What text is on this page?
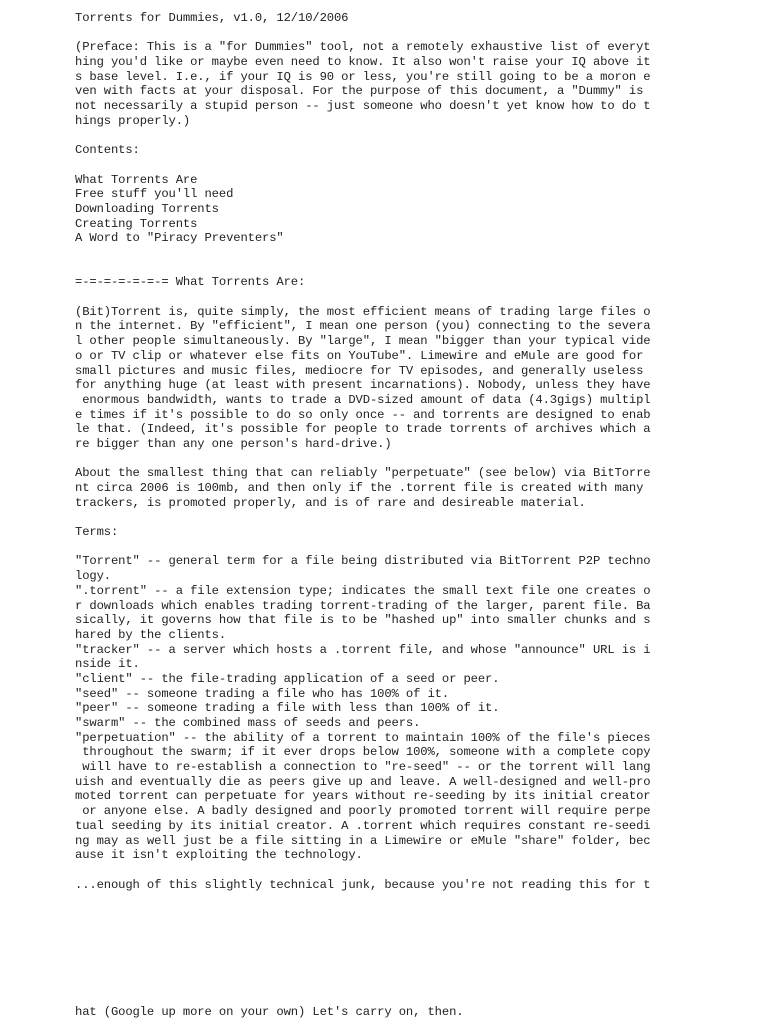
Torrents for Dummies, v1.0, 12/10/2006
(Preface: This is a "for Dummies" tool, not a remotely exhaustive list of everyt
hing you'd like or maybe even need to know. It also won't raise your IQ above it
s base level. I.e., if your IQ is 90 or less, you're still going to be a moron e
ven with facts at your disposal. For the purpose of this document, a "Dummy" is
not necessarily a stupid person -- just someone who doesn't yet know how to do t
hings properly.)
Contents:
What Torrents Are
Free stuff you'll need
Downloading Torrents
Creating Torrents
A Word to "Piracy Preventers"
=-=-=-=-=-=-= What Torrents Are:
(Bit)Torrent is, quite simply, the most efficient means of trading large files o
n the internet. By "efficient", I mean one person (you) connecting to the severa
l other people simultaneously. By "large", I mean "bigger than your typical vide
o or TV clip or whatever else fits on YouTube". Limewire and eMule are good for
small pictures and music files, mediocre for TV episodes, and generally useless
for anything huge (at least with present incarnations). Nobody, unless they have
enormous bandwidth, wants to trade a DVD-sized amount of data (4.3gigs) multipl
e times if it's possible to do so only once -- and torrents are designed to enab
le that. (Indeed, it's possible for people to trade torrents of archives which a
re bigger than any one person's hard-drive.)
About the smallest thing that can reliably "perpetuate" (see below) via BitTorre
nt circa 2006 is 100mb, and then only if the .torrent file is created with many
trackers, is promoted properly, and is of rare and desireable material.
Terms:
"Torrent" -- general term for a file being distributed via BitTorrent P2P techno
logy.
".torrent" -- a file extension type; indicates the small text file one creates o
r downloads which enables trading torrent-trading of the larger, parent file. Ba
sically, it governs how that file is to be "hashed up" into smaller chunks and s
hared by the clients.
"tracker" -- a server which hosts a .torrent file, and whose "announce" URL is i
nside it.
"client" -- the file-trading application of a seed or peer.
"seed" -- someone trading a file who has 100% of it.
"peer" -- someone trading a file with less than 100% of it.
"swarm" -- the combined mass of seeds and peers.
"perpetuation" -- the ability of a torrent to maintain 100% of the file's pieces
throughout the swarm; if it ever drops below 100%, someone with a complete copy
will have to re-establish a connection to "re-seed" -- or the torrent will lang
uish and eventually die as peers give up and leave. A well-designed and well-pro
moted torrent can perpetuate for years without re-seeding by its initial creator
or anyone else. A badly designed and poorly promoted torrent will require perpe
tual seeding by its initial creator. A .torrent which requires constant re-seedi
ng may as well just be a file sitting in a Limewire or eMule "share" folder, bec
ause it isn't exploiting the technology.
...enough of this slightly technical junk, because you're not reading this for t
hat (Google up more on your own) Let's carry on, then.
